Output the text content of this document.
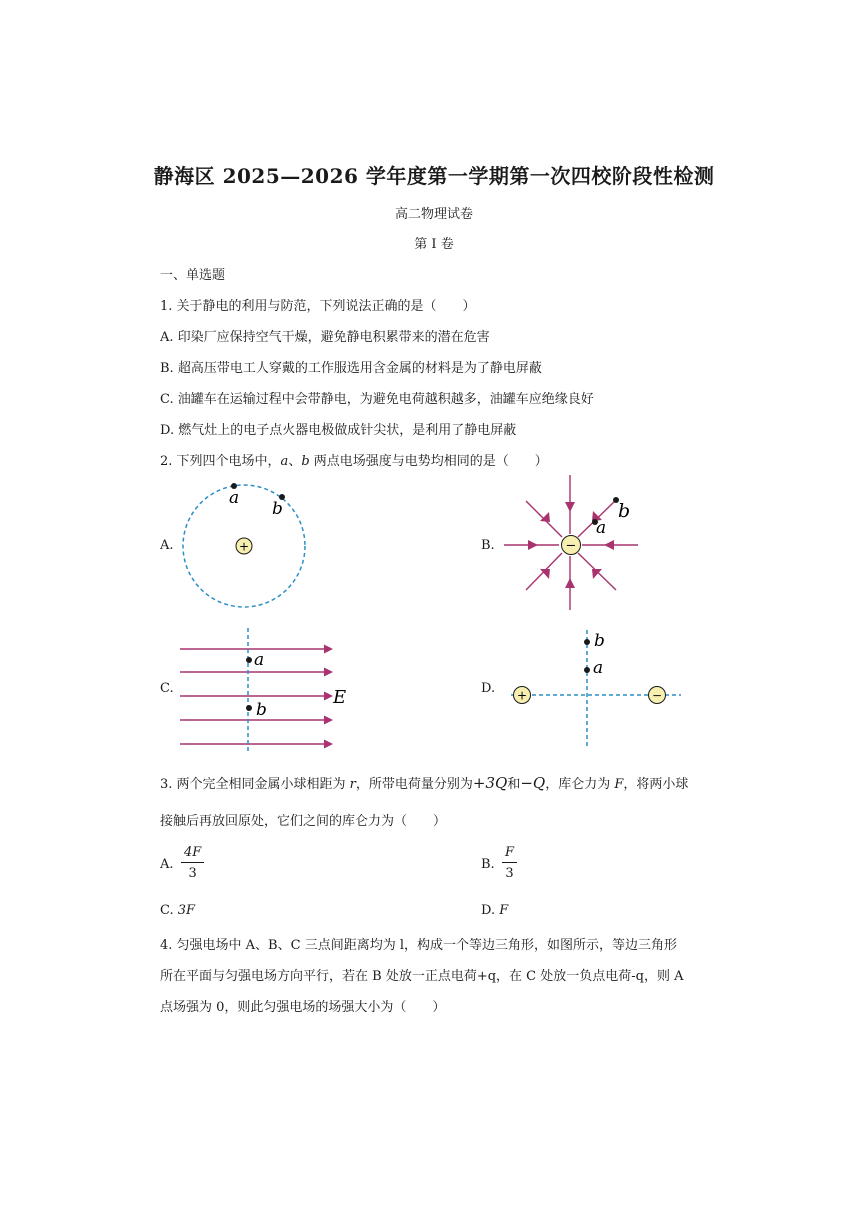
静海区 2025—2026 学年度第一学期第一次四校阶段性检测
高二物理试卷
第 I 卷
一、单选题
1. 关于静电的利用与防范，下列说法正确的是（　　）
A. 印染厂应保持空气干燥，避免静电积累带来的潜在危害
B. 超高压带电工人穿戴的工作服选用含金属的材料是为了静电屏蔽
C. 油罐车在运输过程中会带静电，为避免电荷越积越多，油罐车应绝缘良好
D. 燃气灶上的电子点火器电极做成针尖状，是利用了静电屏蔽
2. 下列四个电场中，a、b 两点电场强度与电势均相同的是（　　）
A.	B.
C.	D.
+
a
b
−
a
b
a
b
E	+	−
b
a
3. 两个完全相同金属小球相距为 r，所带电荷量分别为+3Q和−Q，库仑力为 F，将两小球
接触后再放回原处，它们之间的库仑力为（　　）
A. $\frac{4F}{3}$	B. $\frac{F}{3}$
C. 3F	D. F
4. 匀强电场中 A、B、C 三点间距离均为 l，构成一个等边三角形，如图所示，等边三角形
所在平面与匀强电场方向平行，若在 B 处放一正点电荷+q，在 C 处放一负点电荷-q，则 A
点场强为 0，则此匀强电场的场强大小为（　　）
